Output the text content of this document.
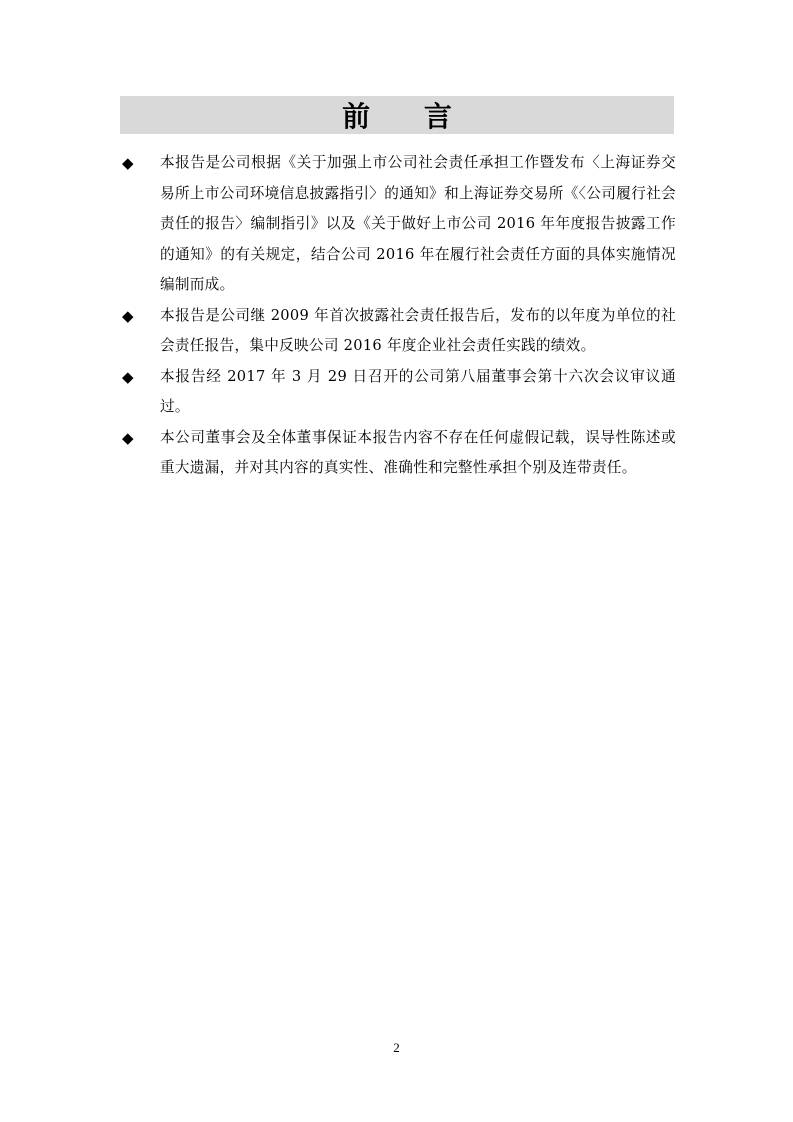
前 言
◆	本报告是公司根据《关于加强上市公司社会责任承担工作暨发布〈上海证券交易所上市公司环境信息披露指引〉的通知》和上海证券交易所《〈公司履行社会责任的报告〉编制指引》以及《关于做好上市公司 2016 年年度报告披露工作的通知》的有关规定，结合公司 2016 年在履行社会责任方面的具体实施情况编制而成。
◆	本报告是公司继 2009 年首次披露社会责任报告后，发布的以年度为单位的社会责任报告，集中反映公司 2016 年度企业社会责任实践的绩效。
◆	本报告经 2017 年 3 月 29 日召开的公司第八届董事会第十六次会议审议通过。
◆	本公司董事会及全体董事保证本报告内容不存在任何虚假记载，误导性陈述或重大遗漏，并对其内容的真实性、准确性和完整性承担个别及连带责任。
2
